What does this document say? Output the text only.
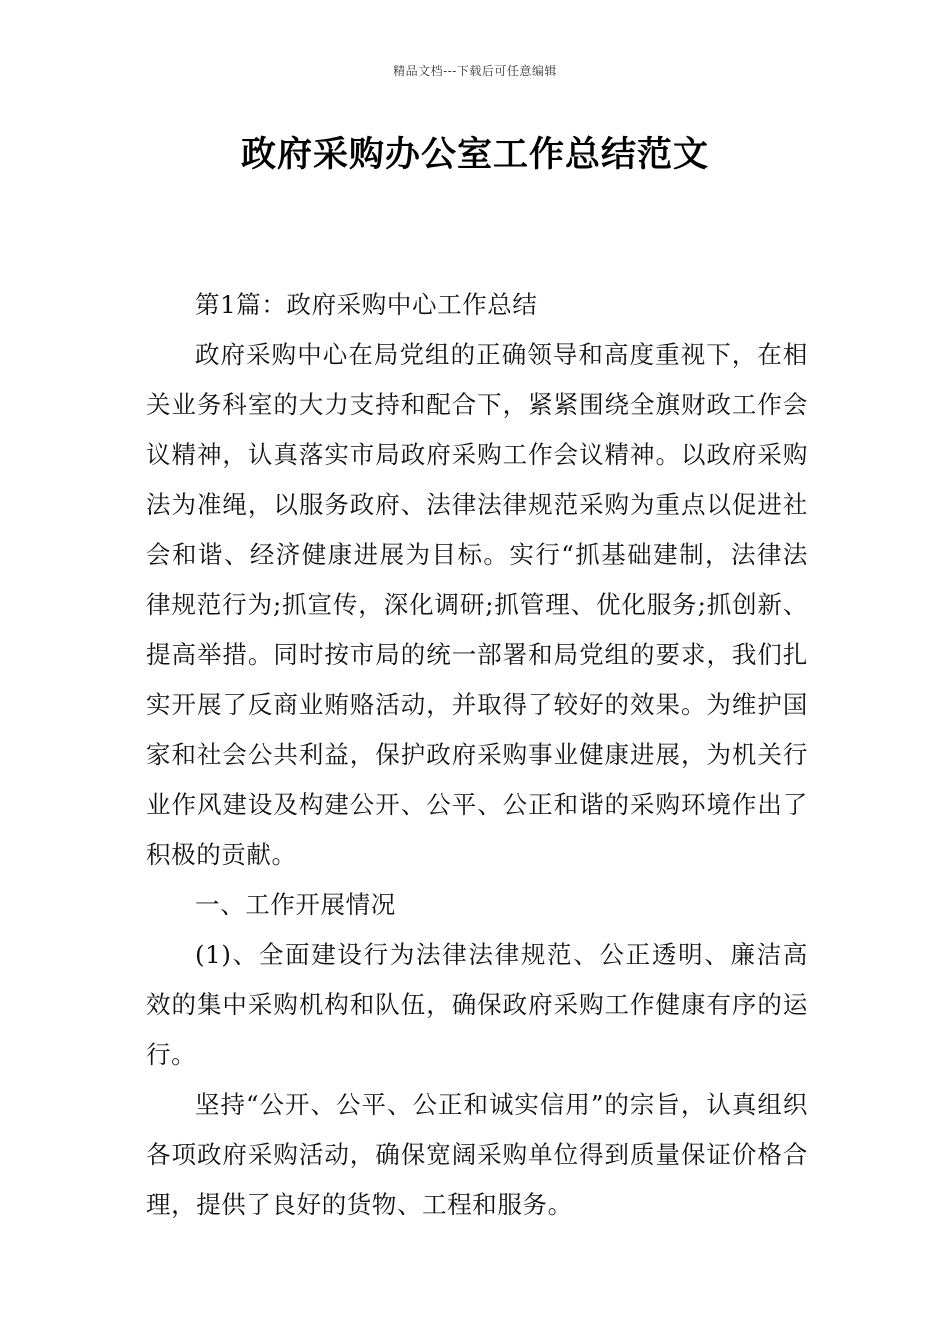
精品文档---下载后可任意编辑
政府采购办公室工作总结范文

第1篇：政府采购中心工作总结

政府采购中心在局党组的正确领导和高度重视下，在相关业务科室的大力支持和配合下，紧紧围绕全旗财政工作会议精神，认真落实市局政府采购工作会议精神。以政府采购法为准绳，以服务政府、法律法律规范采购为重点以促进社会和谐、经济健康进展为目标。实行“抓基础建制，法律法律规范行为;抓宣传，深化调研;抓管理、优化服务;抓创新、提高举措。同时按市局的统一部署和局党组的要求，我们扎实开展了反商业贿赂活动，并取得了较好的效果。为维护国家和社会公共利益，保护政府采购事业健康进展，为机关行业作风建设及构建公开、公平、公正和谐的采购环境作出了积极的贡献。

一、工作开展情况

(1)、全面建设行为法律法律规范、公正透明、廉洁高效的集中采购机构和队伍，确保政府采购工作健康有序的运行。

坚持“公开、公平、公正和诚实信用”的宗旨，认真组织各项政府采购活动，确保宽阔采购单位得到质量保证价格合理，提供了良好的货物、工程和服务。
